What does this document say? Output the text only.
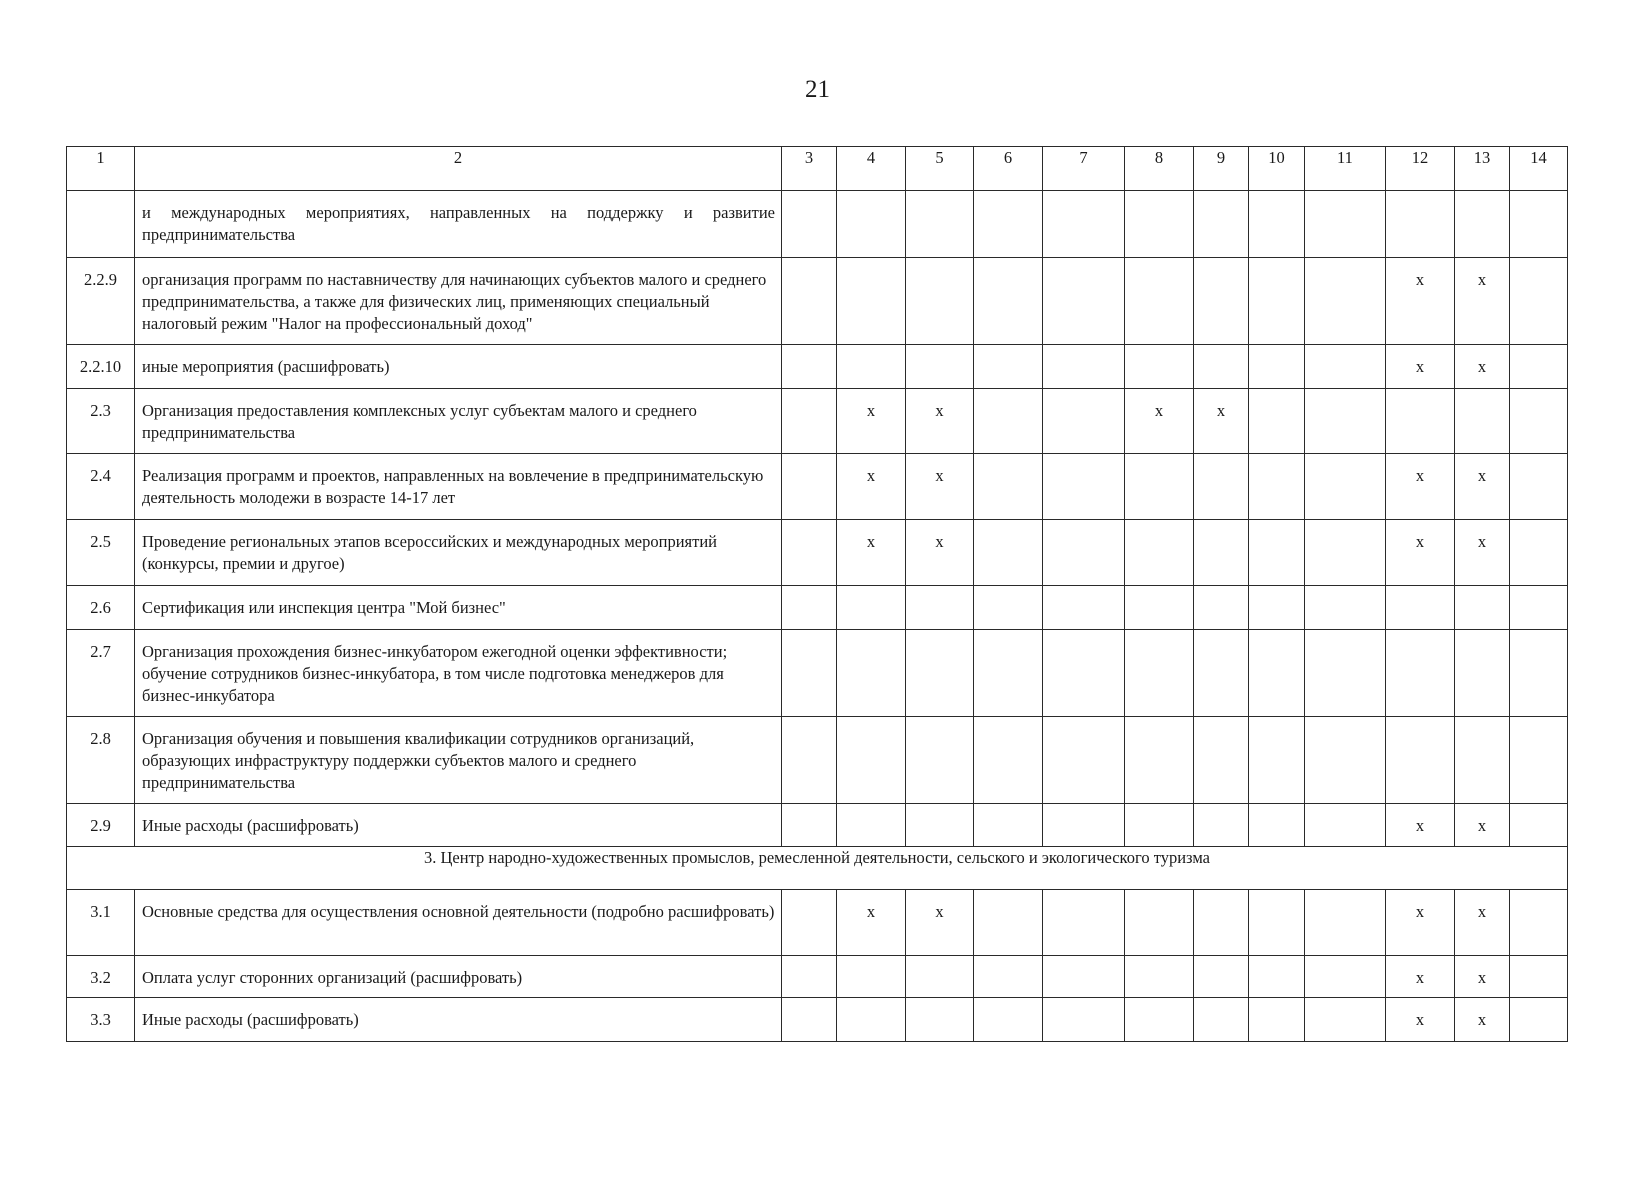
21
1	2	3	4	5	6	7	8	9	10	11	12	13	14
	и международных мероприятиях, направленных на поддержку и развитие предпринимательства												
2.2.9	организация программ по наставничеству для начинающих субъектов малого и среднего предпринимательства, а также для физических лиц, применяющих специальный налоговый режим "Налог на профессиональный доход"										x	x	
2.2.10	иные мероприятия (расшифровать)										x	x	
2.3	Организация предоставления комплексных услуг субъектам малого и среднего предпринимательства		x	x			x	x					
2.4	Реализация программ и проектов, направленных на вовлечение в предпринимательскую деятельность молодежи в возрасте 14-17 лет		x	x							x	x	
2.5	Проведение региональных этапов всероссийских и международных мероприятий (конкурсы, премии и другое)		x	x							x	x	
2.6	Сертификация или инспекция центра "Мой бизнес"												
2.7	Организация прохождения бизнес-инкубатором ежегодной оценки эффективности; обучение сотрудников бизнес-инкубатора, в том числе подготовка менеджеров для бизнес-инкубатора												
2.8	Организация обучения и повышения квалификации сотрудников организаций, образующих инфраструктуру поддержки субъектов малого и среднего предпринимательства												
2.9	Иные расходы (расшифровать)										x	x	
3. Центр народно-художественных промыслов, ремесленной деятельности, сельского и экологического туризма													
3.1	Основные средства для осуществления основной деятельности (подробно расшифровать)		x	x							x	x	
3.2	Оплата услуг сторонних организаций (расшифровать)										x	x	
3.3	Иные расходы (расшифровать)										x	x	
